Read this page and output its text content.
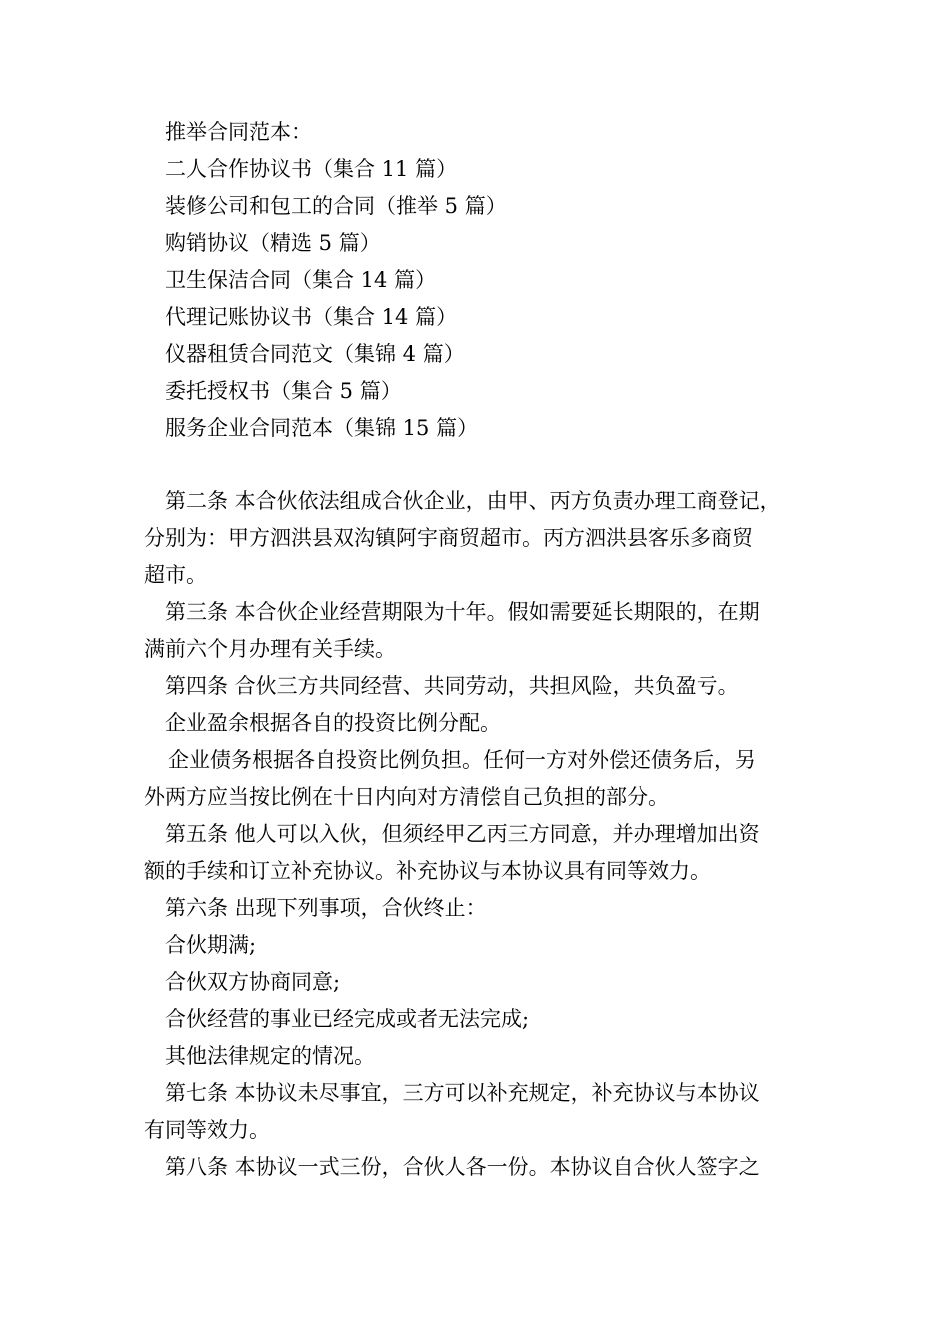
推举合同范本：
二人合作协议书（集合 11 篇）
装修公司和包工的合同（推举 5 篇）
购销协议（精选 5 篇）
卫生保洁合同（集合 14 篇）
代理记账协议书（集合 14 篇）
仪器租赁合同范文（集锦 4 篇）
委托授权书（集合 5 篇）
服务企业合同范本（集锦 15 篇）
第二条 本合伙依法组成合伙企业，由甲、丙方负责办理工商登记，
分别为：甲方泗洪县双沟镇阿宇商贸超市。丙方泗洪县客乐多商贸
超市。
第三条 本合伙企业经营期限为十年。假如需要延长期限的，在期
满前六个月办理有关手续。
第四条 合伙三方共同经营、共同劳动，共担风险，共负盈亏。
企业盈余根据各自的投资比例分配。
企业债务根据各自投资比例负担。任何一方对外偿还债务后，另
外两方应当按比例在十日内向对方清偿自己负担的部分。
第五条 他人可以入伙，但须经甲乙丙三方同意，并办理增加出资
额的手续和订立补充协议。补充协议与本协议具有同等效力。
第六条 出现下列事项，合伙终止：
合伙期满;
合伙双方协商同意;
合伙经营的事业已经完成或者无法完成;
其他法律规定的情况。
第七条 本协议未尽事宜，三方可以补充规定，补充协议与本协议
有同等效力。
第八条 本协议一式三份，合伙人各一份。本协议自合伙人签字之
